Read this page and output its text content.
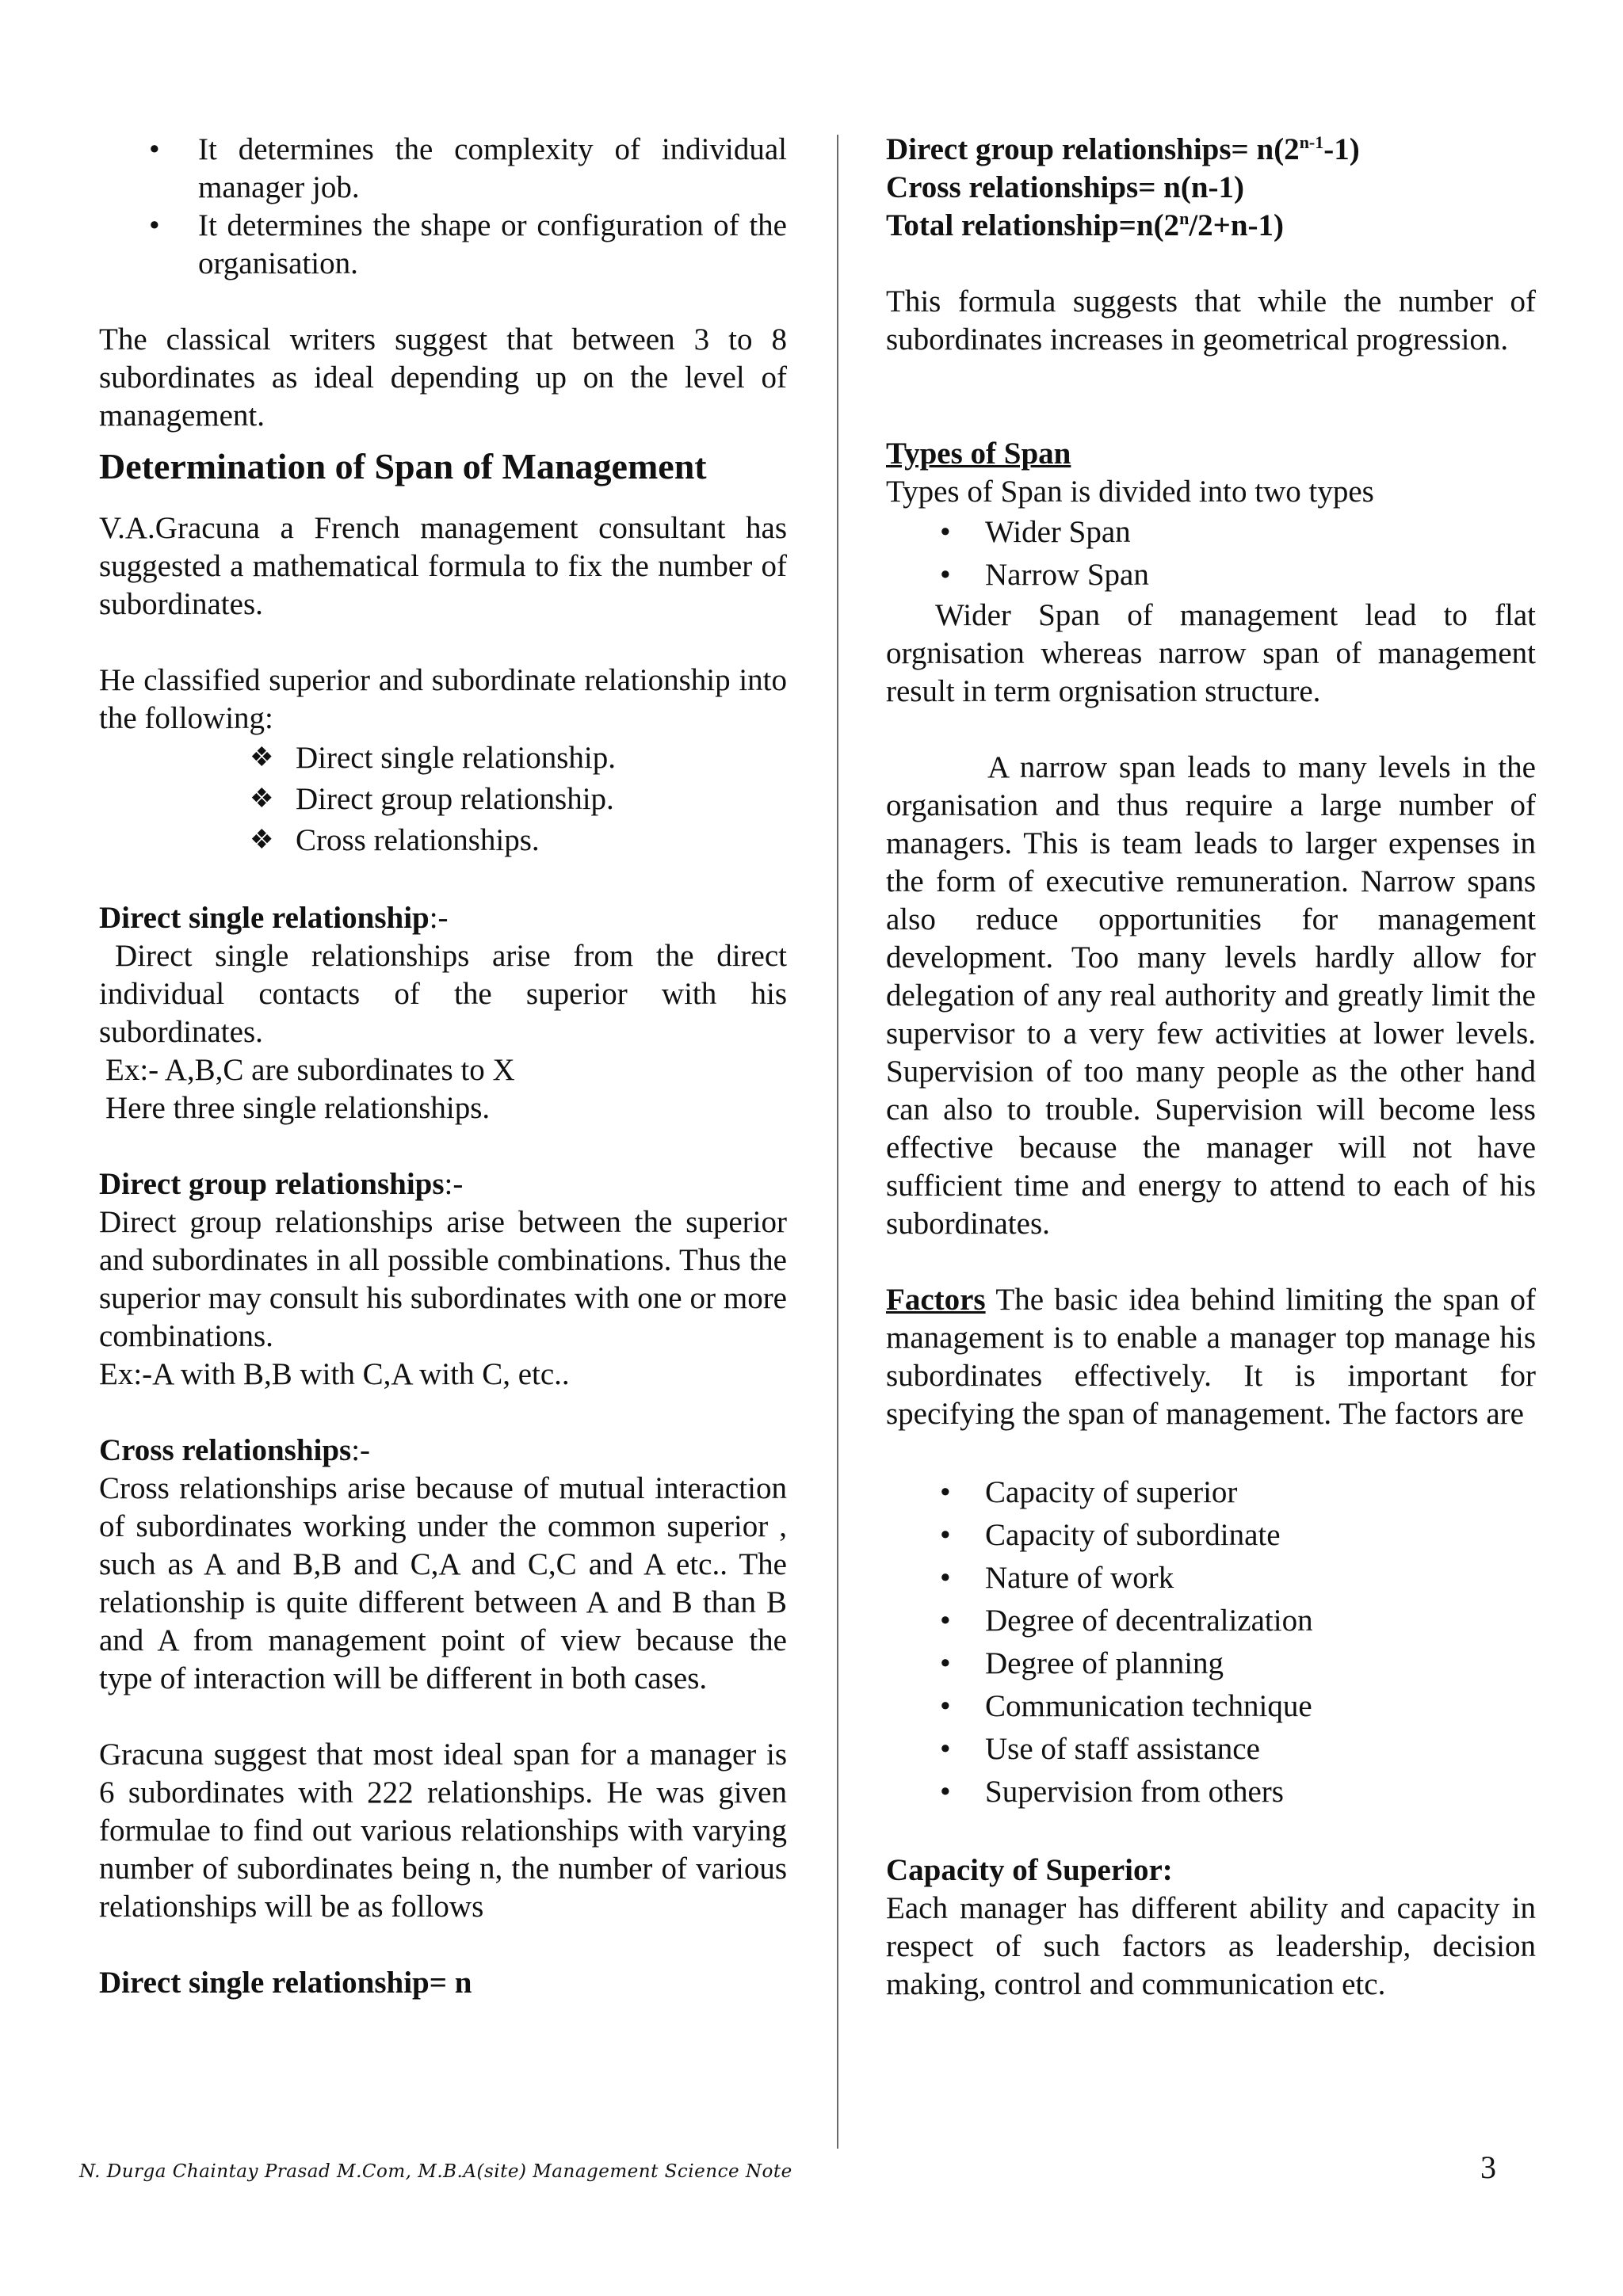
• It determines the complexity of individual manager job.

• It determines the shape or configuration of the organisation.

The classical writers suggest that between 3 to 8 subordinates as ideal depending up on the level of management.

Determination of Span of Management

V.A.Gracuna a French management consultant has suggested a mathematical formula to fix the number of subordinates.

He classified superior and subordinate relationship into the following:

❖ Direct single relationship.
❖ Direct group relationship.
❖ Cross relationships.
Direct single relationship:-

Direct single relationships arise from the direct individual contacts of the superior with his subordinates.

Ex:- A,B,C are subordinates to X
Here three single relationships.
Direct group relationships:-

Direct group relationships arise between the superior and subordinates in all possible combinations. Thus the superior may consult his subordinates with one or more combinations.

Ex:-A with B,B with C,A with C, etc..
Cross relationships:-

Cross relationships arise because of mutual interaction of subordinates working under the common superior , such as A and B,B and C,A and C,C and A etc.. The relationship is quite different between A and B than B and A from management point of view because the type of interaction will be different in both cases.

Gracuna suggest that most ideal span for a manager is 6 subordinates with 222 relationships. He was given formulae to find out various relationships with varying number of subordinates being n, the number of various relationships will be as follows

Direct single relationship= n
Direct group relationships= $n(2^{n-1}-1)$
Cross relationships= n(n-1)
Total $relationship=n(2^n/2+n-1)$

This formula suggests that while the number of subordinates increases in geometrical progression.

Types of Span
Types of Span is divided into two types
• Wider Span
• Narrow Span

Wider Span of management lead to flat orgnisation whereas narrow span of management result in term orgnisation structure.

A narrow span leads to many levels in the organisation and thus require a large number of managers. This is team leads to larger expenses in the form of executive remuneration. Narrow spans also reduce opportunities for management development. Too many levels hardly allow for delegation of any real authority and greatly limit the supervisor to a very few activities at lower levels. Supervision of too many people as the other hand can also to trouble. Supervision will become less effective because the manager will not have sufficient time and energy to attend to each of his subordinates.

Factors The basic idea behind limiting the span of management is to enable a manager top manage his subordinates effectively. It is important for specifying the span of management. The factors are

• Capacity of superior
• Capacity of subordinate
• Nature of work
• Degree of decentralization
• Degree of planning
• Communication technique
• Use of staff assistance
• Supervision from others
Capacity of Superior:

Each manager has different ability and capacity in respect of such factors as leadership, decision making, control and communication etc.

N. Durga Chaintay Prasad M.Com, M.B.A(site) Management Science Note	3
